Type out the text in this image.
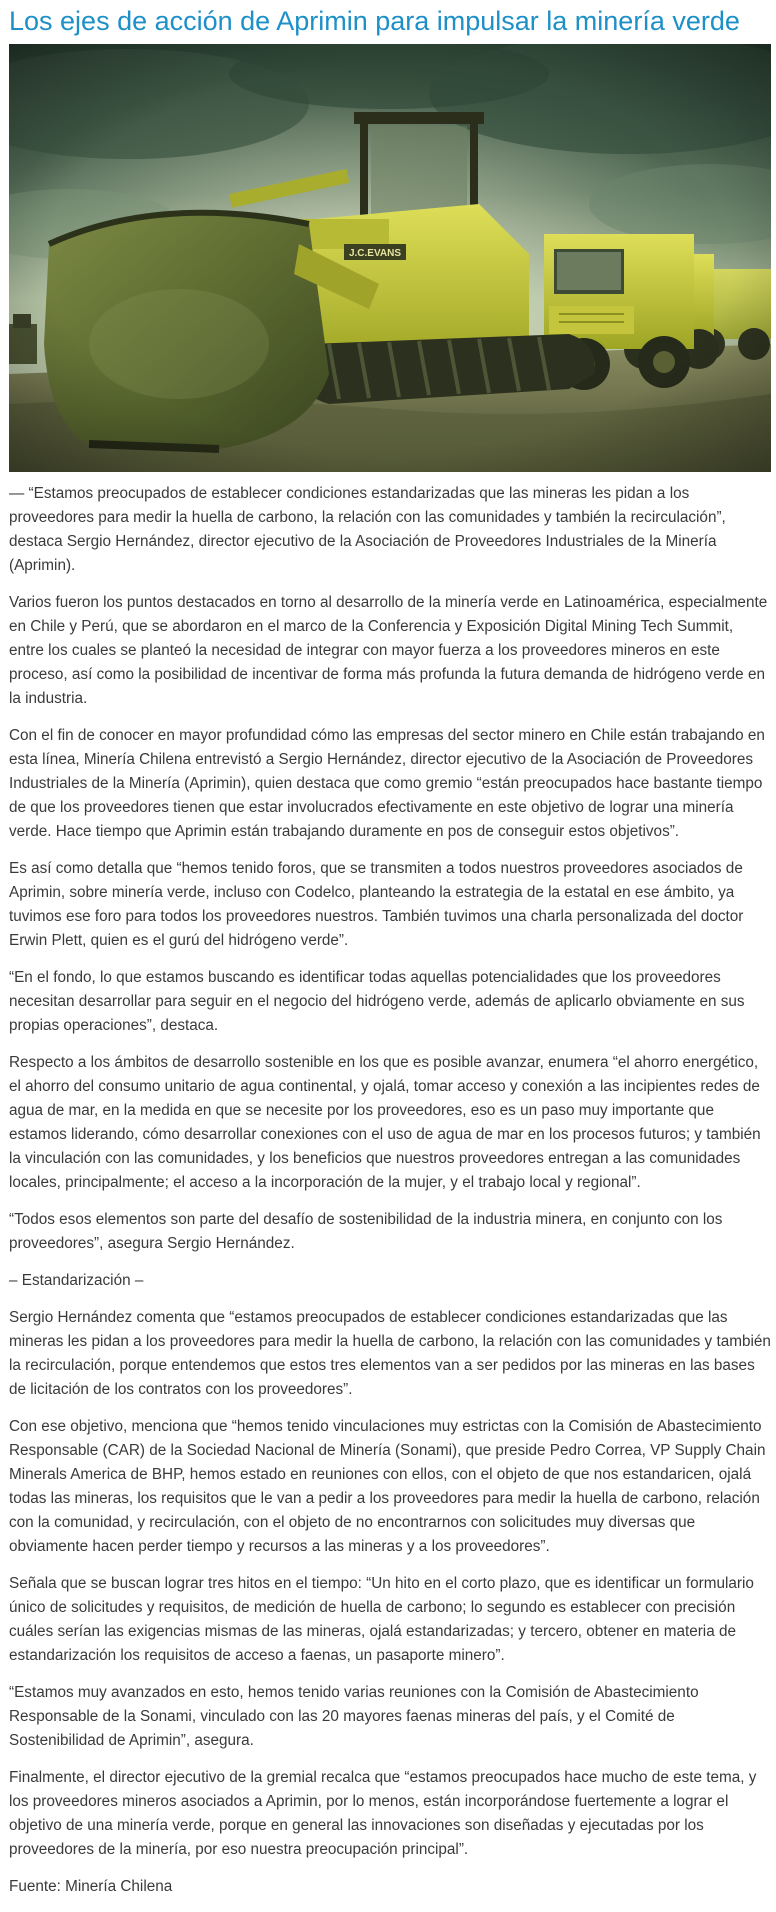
Los ejes de acción de Aprimin para impulsar la minería verde

— “Estamos preocupados de establecer condiciones estandarizadas que las mineras les pidan a los proveedores para medir la huella de carbono, la relación con las comunidades y también la recirculación”, destaca Sergio Hernández, director ejecutivo de la Asociación de Proveedores Industriales de la Minería (Aprimin).

Varios fueron los puntos destacados en torno al desarrollo de la minería verde en Latinoamérica, especialmente en Chile y Perú, que se abordaron en el marco de la Conferencia y Exposición Digital Mining Tech Summit, entre los cuales se planteó la necesidad de integrar con mayor fuerza a los proveedores mineros en este proceso, así como la posibilidad de incentivar de forma más profunda la futura demanda de hidrógeno verde en la industria.

Con el fin de conocer en mayor profundidad cómo las empresas del sector minero en Chile están trabajando en esta línea, Minería Chilena entrevistó a Sergio Hernández, director ejecutivo de la Asociación de Proveedores Industriales de la Minería (Aprimin), quien destaca que como gremio “están preocupados hace bastante tiempo de que los proveedores tienen que estar involucrados efectivamente en este objetivo de lograr una minería verde. Hace tiempo que Aprimin están trabajando duramente en pos de conseguir estos objetivos”.

Es así como detalla que “hemos tenido foros, que se transmiten a todos nuestros proveedores asociados de Aprimin, sobre minería verde, incluso con Codelco, planteando la estrategia de la estatal en ese ámbito, ya tuvimos ese foro para todos los proveedores nuestros. También tuvimos una charla personalizada del doctor Erwin Plett, quien es el gurú del hidrógeno verde”.

“En el fondo, lo que estamos buscando es identificar todas aquellas potencialidades que los proveedores necesitan desarrollar para seguir en el negocio del hidrógeno verde, además de aplicarlo obviamente en sus propias operaciones”, destaca.

Respecto a los ámbitos de desarrollo sostenible en los que es posible avanzar, enumera “el ahorro energético, el ahorro del consumo unitario de agua continental, y ojalá, tomar acceso y conexión a las incipientes redes de agua de mar, en la medida en que se necesite por los proveedores, eso es un paso muy importante que estamos liderando, cómo desarrollar conexiones con el uso de agua de mar en los procesos futuros; y también la vinculación con las comunidades, y los beneficios que nuestros proveedores entregan a las comunidades locales, principalmente; el acceso a la incorporación de la mujer, y el trabajo local y regional”.

“Todos esos elementos son parte del desafío de sostenibilidad de la industria minera, en conjunto con los proveedores”, asegura Sergio Hernández.

– Estandarización –

Sergio Hernández comenta que “estamos preocupados de establecer condiciones estandarizadas que las mineras les pidan a los proveedores para medir la huella de carbono, la relación con las comunidades y también la recirculación, porque entendemos que estos tres elementos van a ser pedidos por las mineras en las bases de licitación de los contratos con los proveedores”.

Con ese objetivo, menciona que “hemos tenido vinculaciones muy estrictas con la Comisión de Abastecimiento Responsable (CAR) de la Sociedad Nacional de Minería (Sonami), que preside Pedro Correa, VP Supply Chain Minerals America de BHP, hemos estado en reuniones con ellos, con el objeto de que nos estandaricen, ojalá todas las mineras, los requisitos que le van a pedir a los proveedores para medir la huella de carbono, relación con la comunidad, y recirculación, con el objeto de no encontrarnos con solicitudes muy diversas que obviamente hacen perder tiempo y recursos a las mineras y a los proveedores”.

Señala que se buscan lograr tres hitos en el tiempo: “Un hito en el corto plazo, que es identificar un formulario único de solicitudes y requisitos, de medición de huella de carbono; lo segundo es establecer con precisión cuáles serían las exigencias mismas de las mineras, ojalá estandarizadas; y tercero, obtener en materia de estandarización los requisitos de acceso a faenas, un pasaporte minero”.

“Estamos muy avanzados en esto, hemos tenido varias reuniones con la Comisión de Abastecimiento Responsable de la Sonami, vinculado con las 20 mayores faenas mineras del país, y el Comité de Sostenibilidad de Aprimin”, asegura.

Finalmente, el director ejecutivo de la gremial recalca que “estamos preocupados hace mucho de este tema, y los proveedores mineros asociados a Aprimin, por lo menos, están incorporándose fuertemente a lograr el objetivo de una minería verde, porque en general las innovaciones son diseñadas y ejecutadas por los proveedores de la minería, por eso nuestra preocupación principal”.

Fuente: Minería Chilena
